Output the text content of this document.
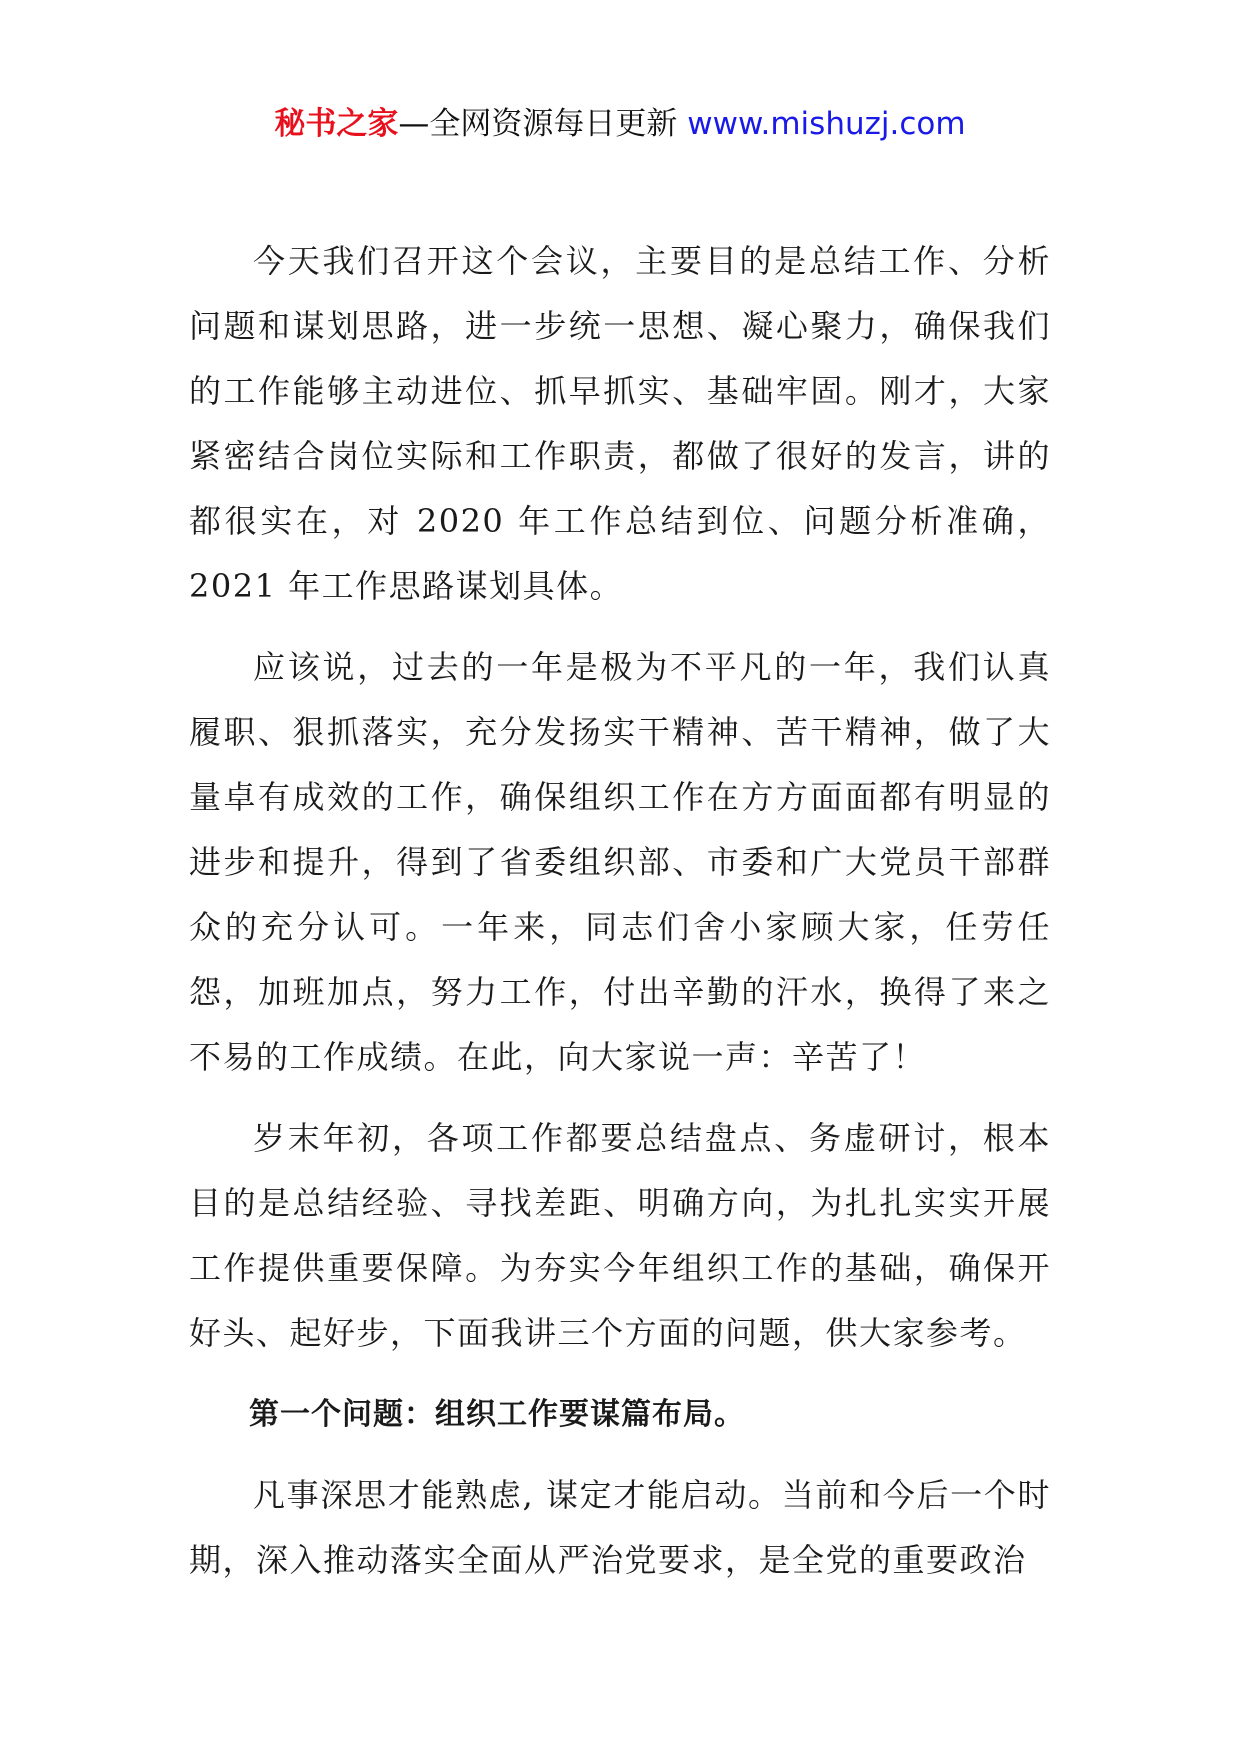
秘书之家—全网资源每日更新 www.mishuzj.com

今天我们召开这个会议，主要目的是总结工作、分析问题和谋划思路，进一步统一思想、凝心聚力，确保我们的工作能够主动进位、抓早抓实、基础牢固。刚才，大家紧密结合岗位实际和工作职责，都做了很好的发言，讲的都很实在，对 2020 年工作总结到位、问题分析准确，2021 年工作思路谋划具体。

应该说，过去的一年是极为不平凡的一年，我们认真履职、狠抓落实，充分发扬实干精神、苦干精神，做了大量卓有成效的工作，确保组织工作在方方面面都有明显的进步和提升，得到了省委组织部、市委和广大党员干部群众的充分认可。一年来，同志们舍小家顾大家，任劳任怨，加班加点，努力工作，付出辛勤的汗水，换得了来之不易的工作成绩。在此，向大家说一声：辛苦了！

岁末年初，各项工作都要总结盘点、务虚研讨，根本目的是总结经验、寻找差距、明确方向，为扎扎实实开展工作提供重要保障。为夯实今年组织工作的基础，确保开好头、起好步，下面我讲三个方面的问题，供大家参考。

第一个问题：组织工作要谋篇布局。

凡事深思才能熟虑, 谋定才能启动。当前和今后一个时期，深入推动落实全面从严治党要求，是全党的重要政治
